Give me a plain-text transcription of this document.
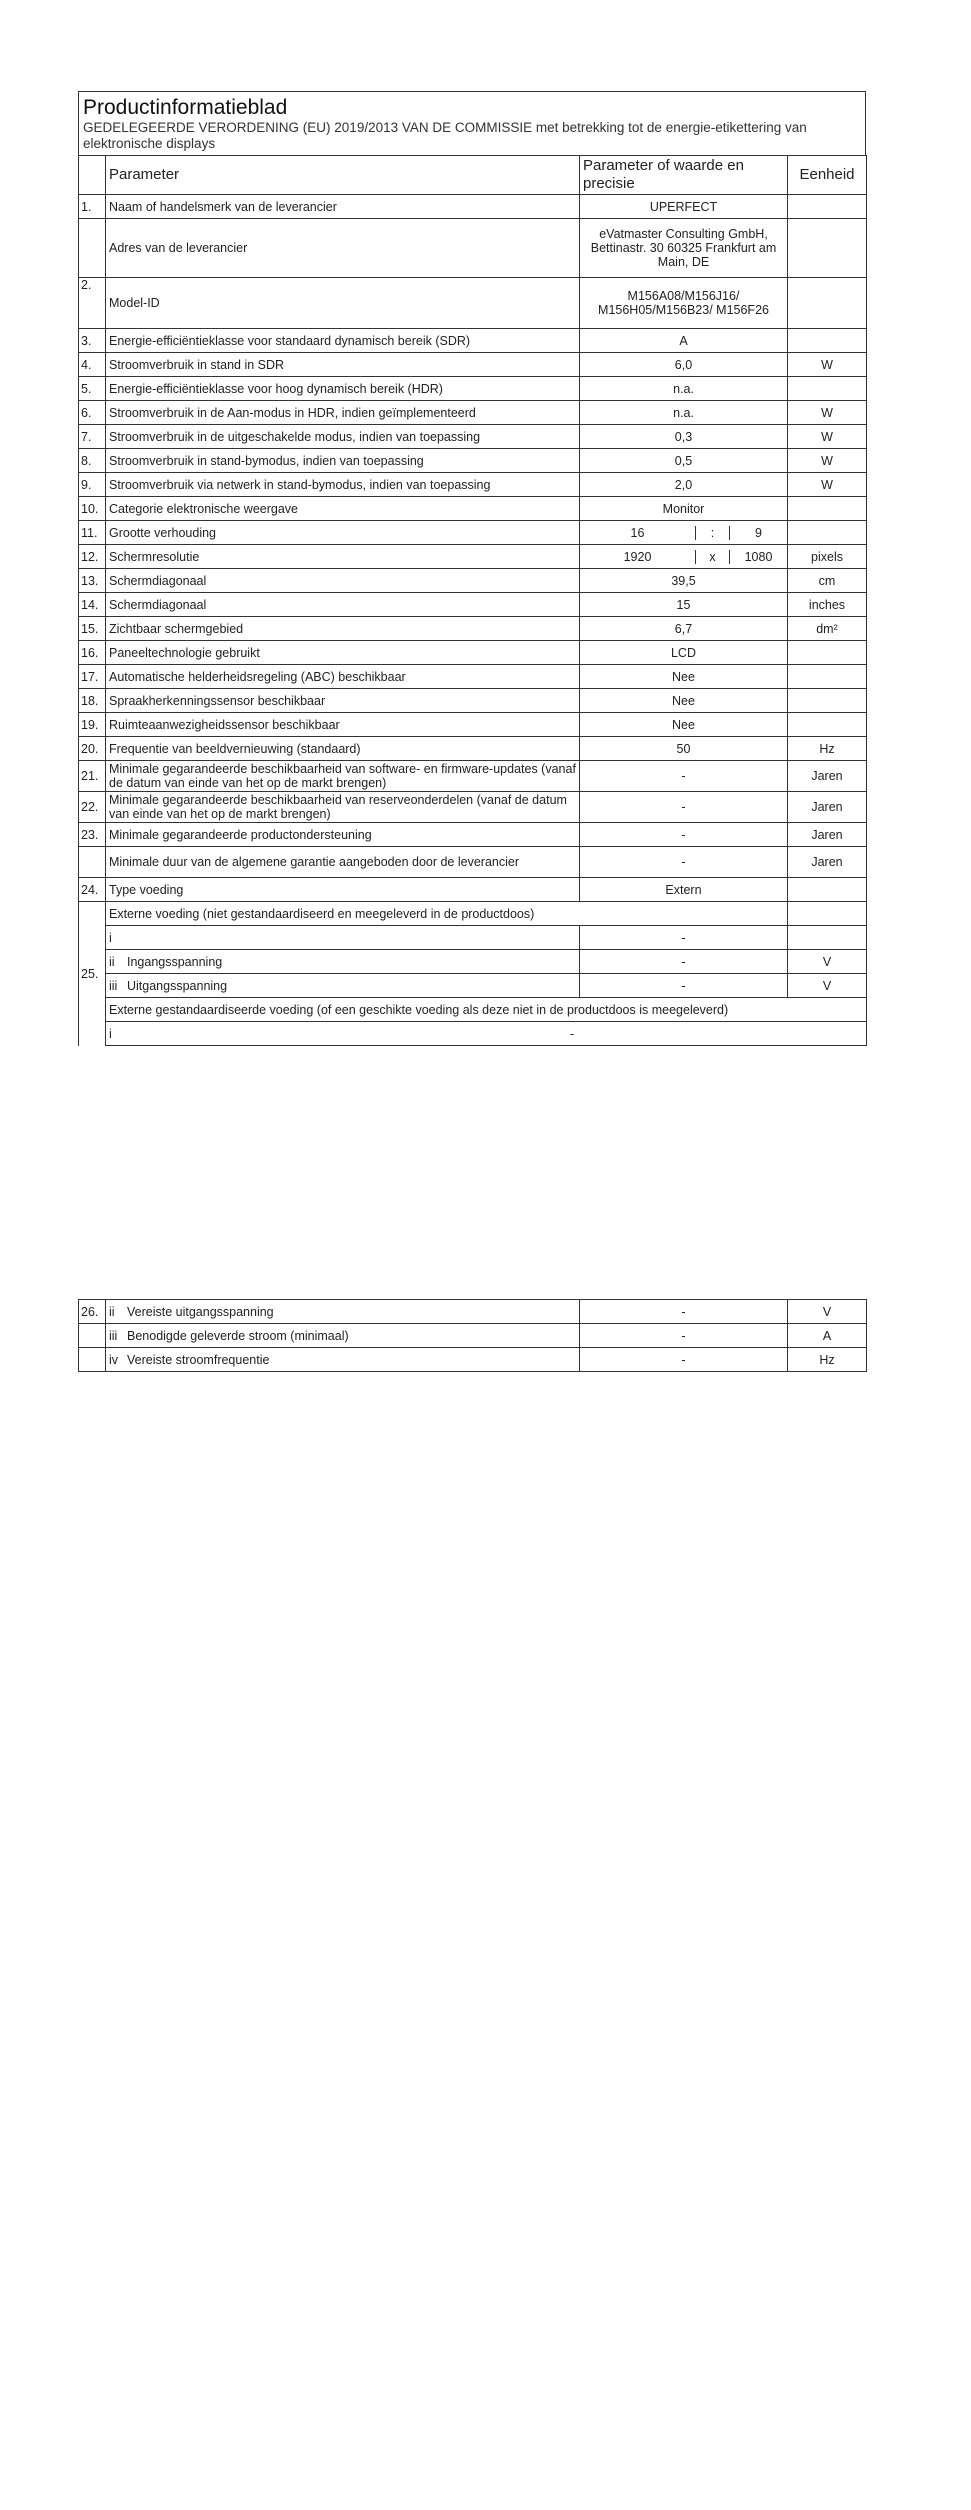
Productinformatieblad
GEDELEGEERDE VERORDENING (EU) 2019/2013 VAN DE COMMISSIE met betrekking tot de energie-etikettering van elektronische displays
	Parameter	Parameter of waarde en precisie	Eenheid
1.	Naam of handelsmerk van de leverancier	UPERFECT	
	Adres van de leverancier	eVatmaster Consulting GmbH, Bettinastr. 30 60325 Frankfurt am Main, DE	
2.	Model-ID	M156A08/M156J16/ M156H05/M156B23/ M156F26	
3.	Energie-efficiëntieklasse voor standaard dynamisch bereik (SDR)	A	
4.	Stroomverbruik in stand in SDR	6,0	W
5.	Energie-efficiëntieklasse voor hoog dynamisch bereik (HDR)	n.a.	
6.	Stroomverbruik in de Aan-modus in HDR, indien geïmplementeerd	n.a.	W
7.	Stroomverbruik in de uitgeschakelde modus, indien van toepassing	0,3	W
8.	Stroomverbruik in stand-bymodus, indien van toepassing	0,5	W
9.	Stroomverbruik via netwerk in stand-bymodus, indien van toepassing	2,0	W
10.	Categorie elektronische weergave	Monitor	
11.	Grootte verhouding	16 : 9	

12.	Schermresolutie	1920 x 1080	pixels
13.	Schermdiagonaal	39,5	cm
14.	Schermdiagonaal	15	inches
15.	Zichtbaar schermgebied	6,7	dm²
16.	Paneeltechnologie gebruikt	LCD	
17.	Automatische helderheidsregeling (ABC) beschikbaar	Nee	
18.	Spraakherkenningssensor beschikbaar	Nee	
19.	Ruimteaanwezigheidssensor beschikbaar	Nee	
20.	Frequentie van beeldvernieuwing (standaard)	50	Hz
21.	Minimale gegarandeerde beschikbaarheid van software- en firmware-updates (vanaf de datum van einde van het op de markt brengen)	-	Jaren
22.	Minimale gegarandeerde beschikbaarheid van reserveonderdelen (vanaf de datum van einde van het op de markt brengen)	-	Jaren
23.	Minimale gegarandeerde productondersteuning	-	Jaren
	Minimale duur van de algemene garantie aangeboden door de leverancier	-	Jaren
24.	Type voeding	Extern	
25.	Externe voeding (niet gestandaardiseerd en meegeleverd in de productdoos)		
	i	-	
	ii Ingangsspanning	-	V
	iii Uitgangsspanning	-	V
	Externe gestandaardiseerde voeding (of een geschikte voeding als deze niet in de productdoos is meegeleverd)		
	i -		
26.	ii Vereiste uitgangsspanning	-	V
	iii Benodigde geleverde stroom (minimaal)	-	A
	iv Vereiste stroomfrequentie	-	Hz
